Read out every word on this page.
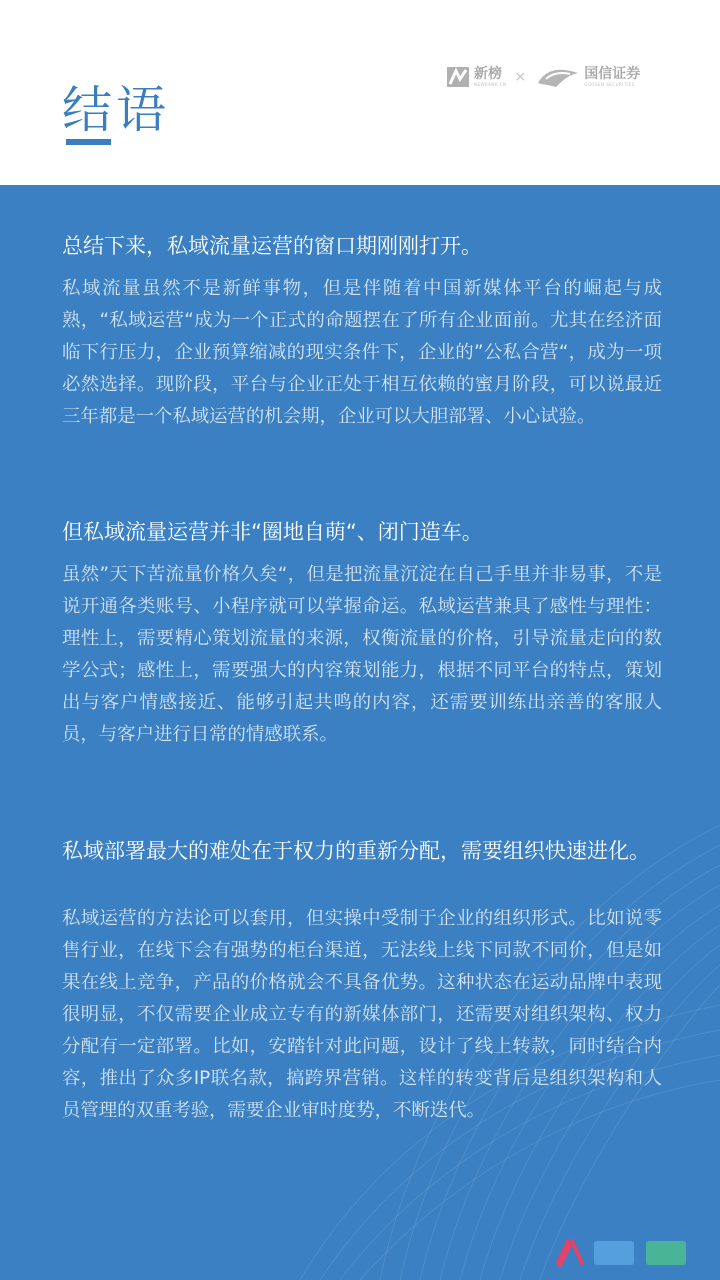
结语
新榜
NEWRANK.CN ×	国信证券
GUOSEN SECURITIES
总结下来，私域流量运营的窗口期刚刚打开。

私域流量虽然不是新鲜事物，但是伴随着中国新媒体平台的崛起与成熟，“私域运营“成为一个正式的命题摆在了所有企业面前。尤其在经济面临下行压力，企业预算缩减的现实条件下，企业的”公私合营“，成为一项必然选择。现阶段，平台与企业正处于相互依赖的蜜月阶段，可以说最近三年都是一个私域运营的机会期，企业可以大胆部署、小心试验。

但私域流量运营并非“圈地自萌“、闭门造车。

虽然”天下苦流量价格久矣“，但是把流量沉淀在自己手里并非易事，不是说开通各类账号、小程序就可以掌握命运。私域运营兼具了感性与理性：理性上，需要精心策划流量的来源，权衡流量的价格，引导流量走向的数学公式；感性上，需要强大的内容策划能力，根据不同平台的特点，策划出与客户情感接近、能够引起共鸣的内容，还需要训练出亲善的客服人员，与客户进行日常的情感联系。

私域部署最大的难处在于权力的重新分配，需要组织快速进化。

私域运营的方法论可以套用，但实操中受制于企业的组织形式。比如说零售行业，在线下会有强势的柜台渠道，无法线上线下同款不同价，但是如果在线上竞争，产品的价格就会不具备优势。这种状态在运动品牌中表现很明显，不仅需要企业成立专有的新媒体部门，还需要对组织架构、权力分配有一定部署。比如，安踏针对此问题，设计了线上转款，同时结合内容，推出了众多IP联名款，搞跨界营销。这样的转变背后是组织架构和人员管理的双重考验，需要企业审时度势，不断迭代。
